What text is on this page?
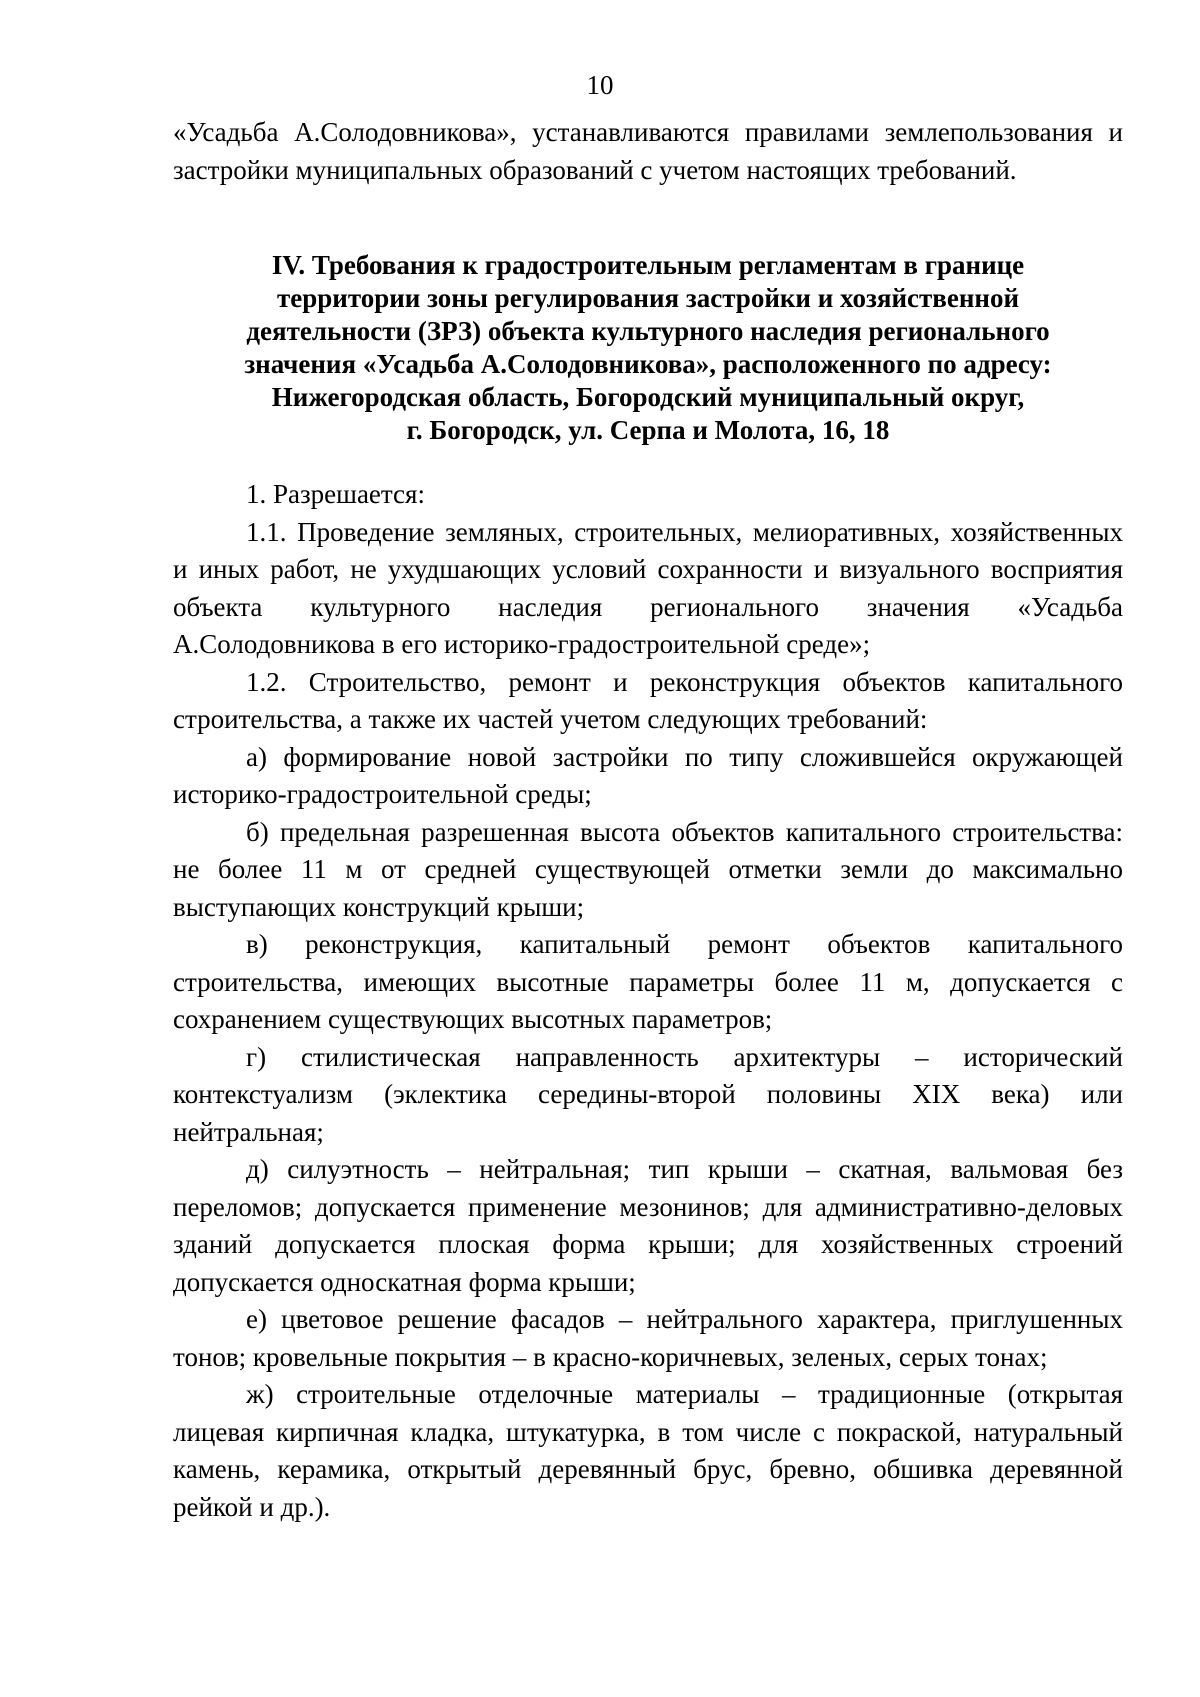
10

«Усадьба А.Солодовникова», устанавливаются правилами землепользования и застройки муниципальных образований с учетом настоящих требований.

IV. Требования к градостроительным регламентам в границе
территории зоны регулирования застройки и хозяйственной
деятельности (ЗРЗ) объекта культурного наследия регионального
значения «Усадьба А.Солодовникова», расположенного по адресу:
Нижегородская область, Богородский муниципальный округ,
г. Богородск, ул. Серпа и Молота, 16, 18

1. Разрешается:

1.1. Проведение земляных, строительных, мелиоративных, хозяйственных и иных работ, не ухудшающих условий сохранности и визуального восприятия объекта культурного наследия регионального значения «Усадьба А.Солодовникова в его историко-градостроительной среде»;

1.2. Строительство, ремонт и реконструкция объектов капитального строительства, а также их частей учетом следующих требований:

а) формирование новой застройки по типу сложившейся окружающей историко-градостроительной среды;

б) предельная разрешенная высота объектов капитального строительства: не более 11 м от средней существующей отметки земли до максимально выступающих конструкций крыши;

в) реконструкция, капитальный ремонт объектов капитального строительства, имеющих высотные параметры более 11 м, допускается с сохранением существующих высотных параметров;

г) стилистическая направленность архитектуры – исторический контекстуализм (эклектика середины-второй половины XIX века) или нейтральная;

д) силуэтность – нейтральная; тип крыши – скатная, вальмовая без переломов; допускается применение мезонинов; для административно-деловых зданий допускается плоская форма крыши; для хозяйственных строений допускается односкатная форма крыши;

е) цветовое решение фасадов – нейтрального характера, приглушенных тонов; кровельные покрытия – в красно-коричневых, зеленых, серых тонах;

ж) строительные отделочные материалы – традиционные (открытая лицевая кирпичная кладка, штукатурка, в том числе с покраской, натуральный камень, керамика, открытый деревянный брус, бревно, обшивка деревянной рейкой и др.).
